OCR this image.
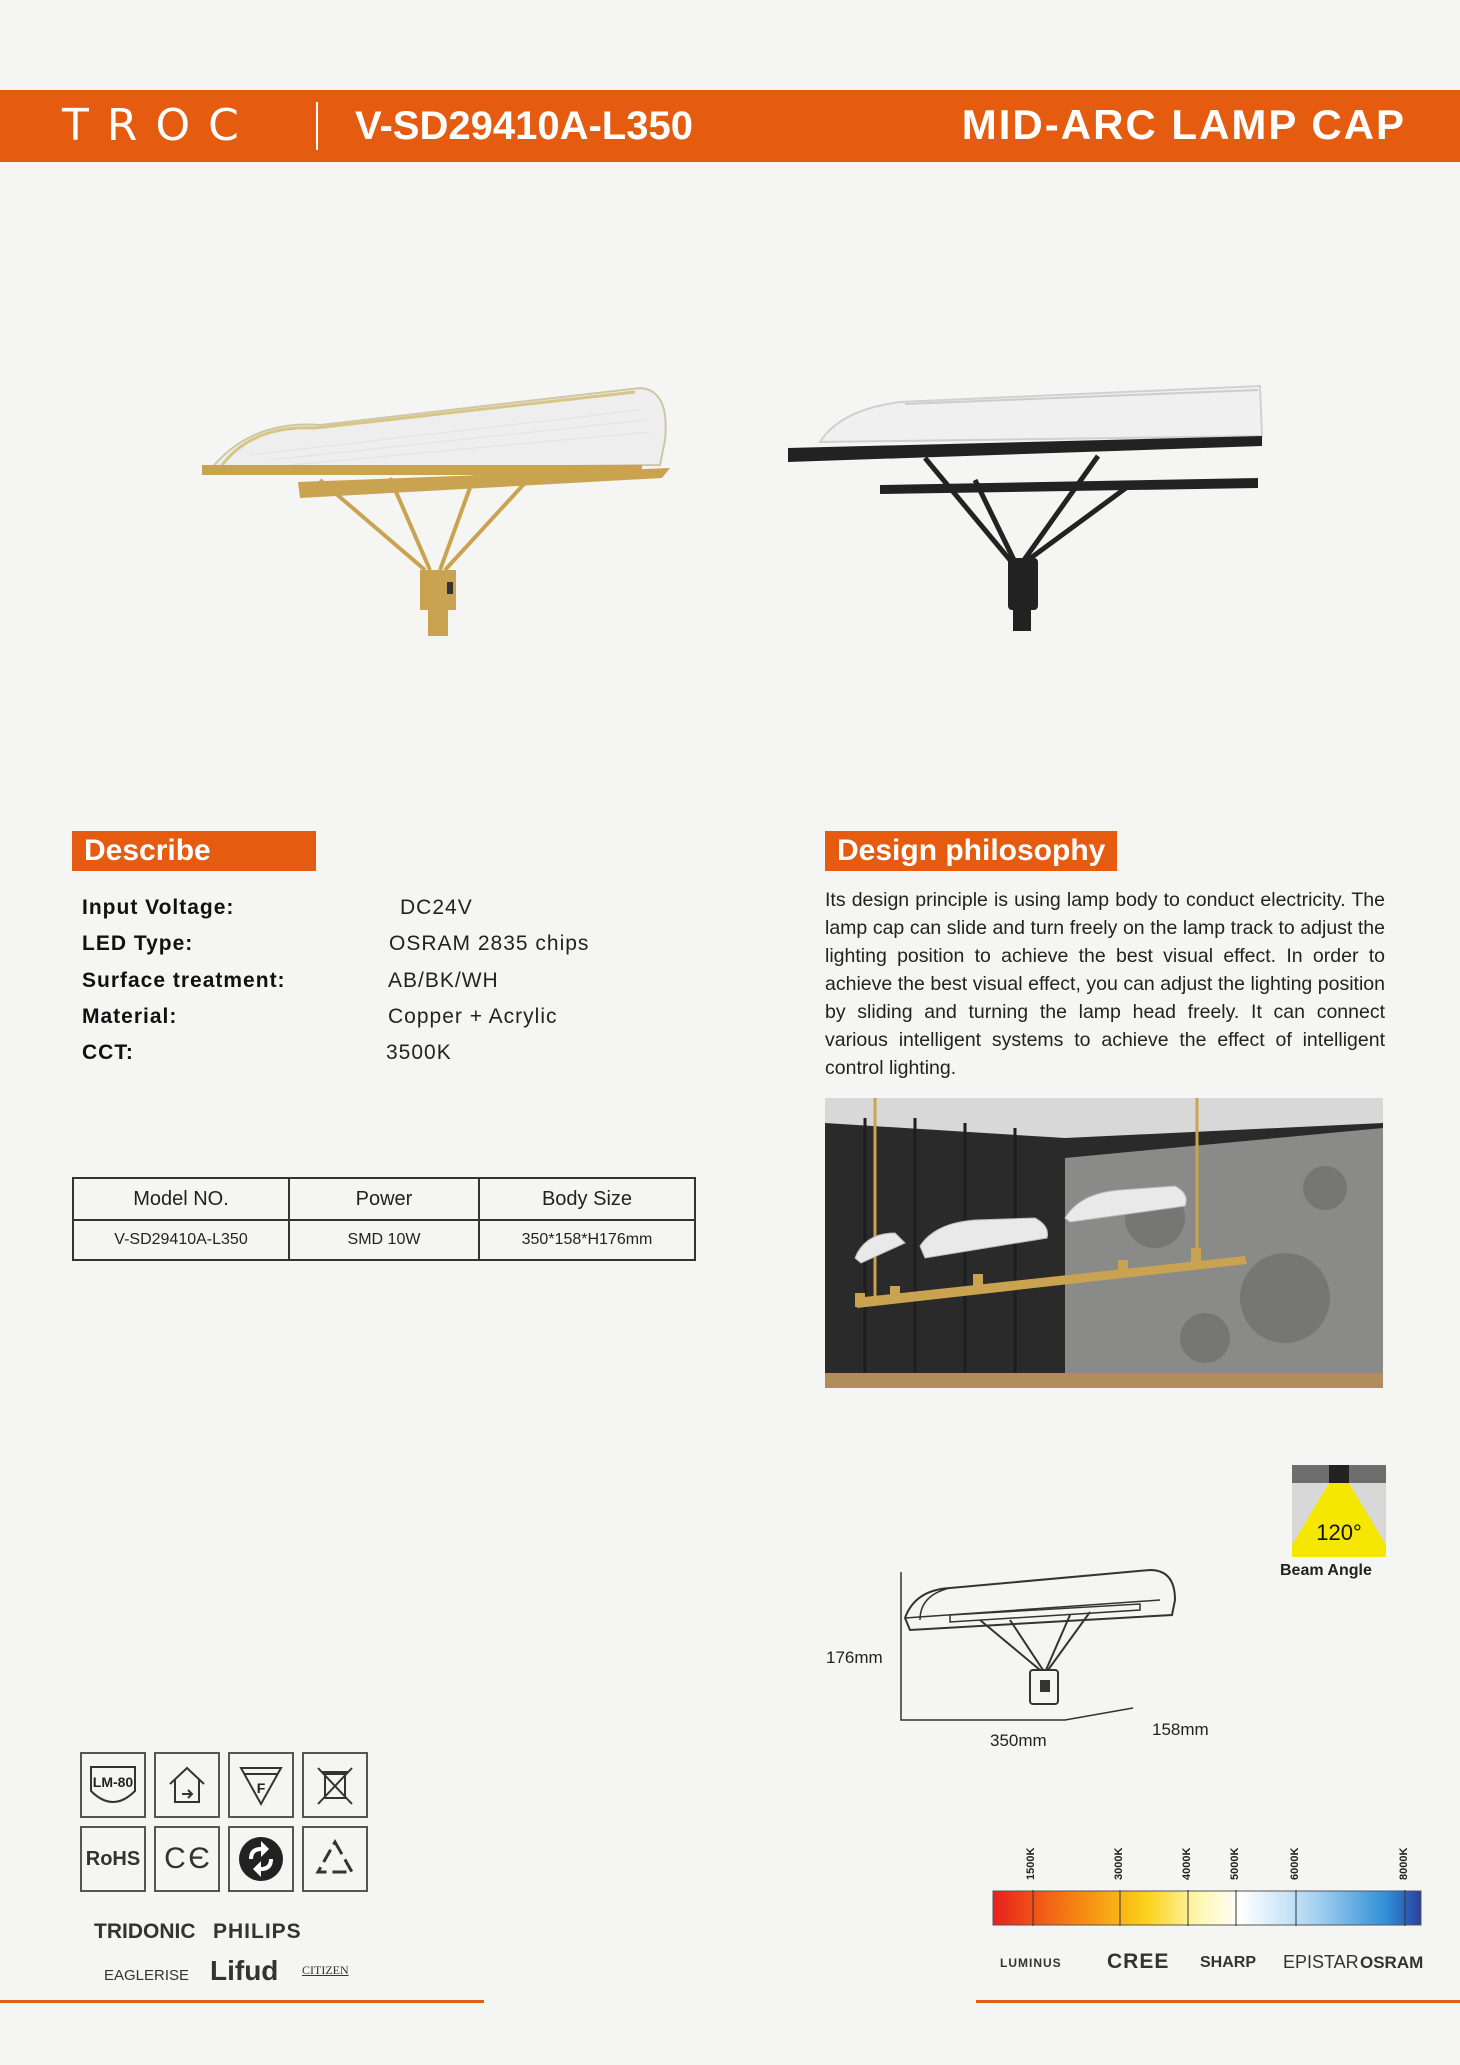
TROC V-SD29410A-L350	MID-ARC LAMP CAP
Describe
Input Voltage:	DC24V
LED Type:	OSRAM 2835 chips
Surface treatment:	AB/BK/WH
Material:	Copper + Acrylic
CCT:	3500K
Model NO.	Power	Body Size
V-SD29410A-L350	SMD 10W	350*158*H176mm
Design philosophy
Its design principle is using lamp body to conduct electricity. The lamp cap can slide and turn freely on the lamp track to adjust the lighting position to achieve the best visual effect. In order to achieve the best visual effect, you can adjust the lighting position by sliding and turning the lamp head freely. It can connect various intelligent systems to achieve the effect of intelligent control lighting.
120°
Beam Angle
176mm
350mm
158mm
LM-80	F
RoHS C Є
TRIDONIC PHILIPS
EAGLERISE Lifud CITIZEN
1500K	3000K	4000K	5000K	6000K	8000K
LUMINUS CREE SHARP EPISTAR OSRAM
